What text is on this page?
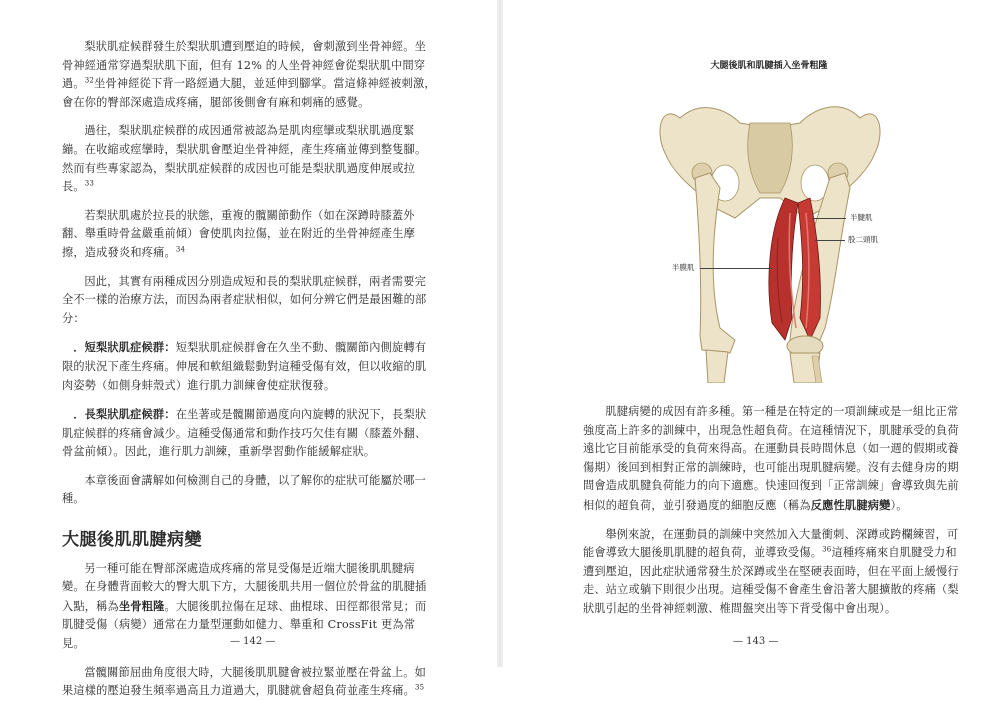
梨狀肌症候群發生於梨狀肌遭到壓迫的時候，會刺激到坐骨神經。坐骨神經通常穿過梨狀肌下面，但有 12% 的人坐骨神經會從梨狀肌中間穿過。$^{32}$坐骨神經從下背一路經過大腿，並延伸到腳掌。當這條神經被刺激，會在你的臀部深處造成疼痛，腿部後側會有麻和刺痛的感覺。

過往，梨狀肌症候群的成因通常被認為是肌肉痙攣或梨狀肌過度緊繃。在收縮或痙攣時，梨狀肌會壓迫坐骨神經，產生疼痛並傳到整隻腳。然而有些專家認為，梨狀肌症候群的成因也可能是梨狀肌過度伸展或拉長。$^{33}$

若梨狀肌處於拉長的狀態，重複的髖關節動作（如在深蹲時膝蓋外翻、舉重時骨盆嚴重前傾）會使肌肉拉傷，並在附近的坐骨神經產生摩擦，造成發炎和疼痛。$^{34}$

因此，其實有兩種成因分別造成短和長的梨狀肌症候群，兩者需要完全不一樣的治療方法，而因為兩者症狀相似，如何分辨它們是最困難的部分：

．短梨狀肌症候群：短梨狀肌症候群會在久坐不動、髖關節內側旋轉有限的狀況下產生疼痛。伸展和軟組織鬆動對這種受傷有效，但以收縮的肌肉姿勢（如側身蚌殼式）進行肌力訓練會使症狀復發。

．長梨狀肌症候群：在坐著或是髖關節過度向內旋轉的狀況下，長梨狀肌症候群的疼痛會減少。這種受傷通常和動作技巧欠佳有關（膝蓋外翻、骨盆前傾）。因此，進行肌力訓練，重新學習動作能緩解症狀。

本章後面會講解如何檢測自己的身體，以了解你的症狀可能屬於哪一種。

大腿後肌肌腱病變

另一種可能在臀部深處造成疼痛的常見受傷是近端大腿後肌肌腱病變。在身體背面較大的臀大肌下方，大腿後肌共用一個位於骨盆的肌腱插入點，稱為坐骨粗隆。大腿後肌拉傷在足球、曲棍球、田徑都很常見；而肌腱受傷（病變）通常在力量型運動如健力、舉重和 CrossFit 更為常見。

當髖關節屈曲角度很大時，大腿後肌肌腱會被拉緊並壓在骨盆上。如果這樣的壓迫發生頻率過高且力道過大，肌腱就會超負荷並產生疼痛。$^{35}$

— 142 —
大腿後肌和肌腱插入坐骨粗隆
半腱肌
股二頭肌
半膜肌

肌腱病變的成因有許多種。第一種是在特定的一項訓練或是一組比正常強度高上許多的訓練中，出現急性超負荷。在這種情況下，肌腱承受的負荷遠比它目前能承受的負荷來得高。在運動員長時間休息（如一週的假期或養傷期）後回到相對正常的訓練時，也可能出現肌腱病變。沒有去健身房的期間會造成肌腱負荷能力的向下適應。快速回復到「正常訓練」會導致與先前相似的超負荷，並引發過度的細胞反應（稱為反應性肌腱病變）。

舉例來說，在運動員的訓練中突然加入大量衝刺、深蹲或跨欄練習，可能會導致大腿後肌肌腱的超負荷，並導致受傷。$^{36}$這種疼痛來自肌腱受力和遭到壓迫，因此症狀通常發生於深蹲或坐在堅硬表面時，但在平面上緩慢行走、站立或躺下則很少出現。這種受傷不會產生會沿著大腿擴散的疼痛（梨狀肌引起的坐骨神經刺激、椎間盤突出等下背受傷中會出現）。

— 143 —
